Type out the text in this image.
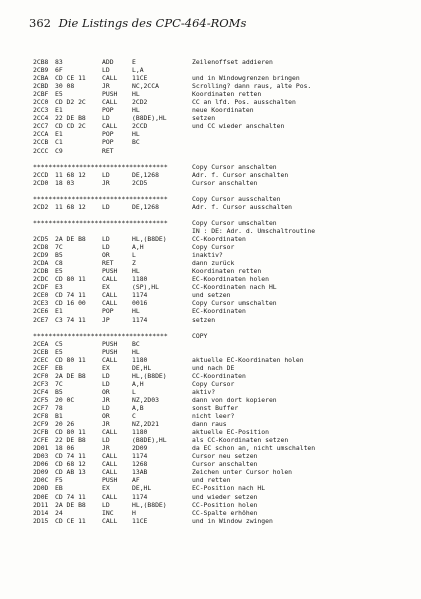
362 Die Listings des CPC-464-ROMs
2CB8 83	ADD	E	Zeilenoffset addieren
2CB9 6F	LD	L,A
2CBA CD CE 11	CALL 11CE	und in Windowgrenzen bringen
2CBD 30 08	JR	NC,2CCA	Scrolling? dann raus, alte Pos.
2CBF E5	PUSH HL	Koordinaten retten
2CC0 CD D2 2C	CALL 2CD2	CC an lfd. Pos. ausschalten
2CC3 E1	POP	HL	neue Koordinaten
2CC4 22 DE B8	LD	(B8DE),HL	setzen
2CC7 CD CD 2C	CALL 2CCD	und CC wieder anschalten
2CCA E1	POP	HL
2CCB C1	POP	BC
2CCC C9	RET
***********************************	Copy Cursor anschalten
2CCD 11 68 12	LD	DE,1268	Adr. f. Cursor anschalten
2CD0 18 03	JR	2CD5	Cursor anschalten
***********************************	Copy Cursor ausschalten
2CD2 11 68 12	LD	DE,1268	Adr. f. Cursor ausschalten
***********************************	Copy Cursor umschalten
IN : DE: Adr. d. Umschaltroutine
2CD5 2A DE B8	LD	HL,(B8DE)	CC-Koordinaten
2CD8 7C	LD	A,H	Copy Cursor
2CD9 B5	OR	L	inaktiv?
2CDA C8	RET	Z	dann zurück
2CDB E5	PUSH HL	Koordinaten retten
2CDC CD 80 11	CALL 1180	EC-Koordinaten holen
2CDF E3	EX	(SP),HL	CC-Koordinaten nach HL
2CE0 CD 74 11	CALL 1174	und setzen
2CE3 CD 16 00	CALL 0016	Copy Cursor umschalten
2CE6 E1	POP	HL	EC-Koordinaten
2CE7 C3 74 11	JP	1174	setzen
***********************************	COPY
2CEA C5	PUSH BC
2CEB E5	PUSH HL
2CEC CD 80 11	CALL 1180	aktuelle EC-Koordinaten holen
2CEF EB	EX	DE,HL	und nach DE
2CF0 2A DE B8	LD	HL,(B8DE)	CC-Koordinaten
2CF3 7C	LD	A,H	Copy Cursor
2CF4 B5	OR	L	aktiv?
2CF5 20 0C	JR	NZ,2D03	dann von dort kopieren
2CF7 78	LD	A,B	sonst Buffer
2CF8 B1	OR	C	nicht leer?
2CF9 20 26	JR	NZ,2D21	dann raus
2CFB CD 80 11	CALL 1180	aktuelle EC-Position
2CFE 22 DE B8	LD	(B8DE),HL	als CC-Koordinaten setzen
2D01 18 06	JR	2D09	da EC schon an, nicht umschalten
2D03 CD 74 11	CALL 1174	Cursor neu setzen
2D06 CD 68 12	CALL 1268	Cursor anschalten
2D09 CD AB 13	CALL 13AB	Zeichen unter Cursor holen
2D0C F5	PUSH AF	und retten
2D0D EB	EX	DE,HL	EC-Position nach HL
2D0E CD 74 11	CALL 1174	und wieder setzen
2D11 2A DE B8	LD	HL,(B8DE)	CC-Position holen
2D14 24	INC	H	CC-Spalte erhöhen
2D15 CD CE 11	CALL 11CE	und in Window zwingen
